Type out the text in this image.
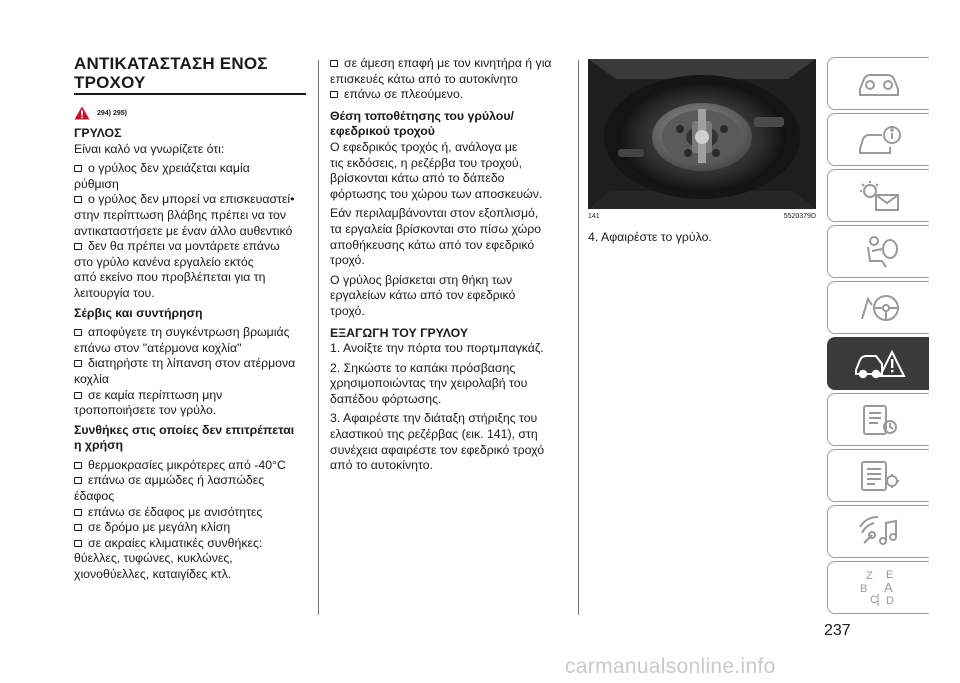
ΑΝΤΙΚΑΤΑΣΤΑΣΗ ΕΝΟΣ
ΤΡΟΧΟΥ
294) 295)

ΓΡΥΛΟΣ

Είναι καλό να γνωρίζετε ότι:

ο γρύλος δεν χρειάζεται καμία

ρύθμιση

ο γρύλος δεν μπορεί να επισκευαστεί•

στην περίπτωση βλάβης πρέπει να τον

αντικαταστήσετε με έναν άλλο αυθεντικό

δεν θα πρέπει να μοντάρετε επάνω

στο γρύλο κανένα εργαλείο εκτός

από εκείνο που προβλέπεται για τη

λειτουργία του.

Σέρβις και συντήρηση

αποφύγετε τη συγκέντρωση βρωμιάς

επάνω στον "ατέρμονα κοχλία"

διατηρήστε τη λίπανση στον ατέρμονα

κοχλία

σε καμία περίπτωση μην

τροποποιήσετε τον γρύλο.

Συνθήκες στις οποίες δεν επιτρέπεται

η χρήση

θερμοκρασίες μικρότερες από -40°C

επάνω σε αμμώδες ή λασπώδες

έδαφος

επάνω σε έδαφος με ανισότητες

σε δρόμο με μεγάλη κλίση

σε ακραίες κλιματικές συνθήκες:

θύελλες, τυφώνες, κυκλώνες,

χιονοθύελλες, καταιγίδες κτλ.

σε άμεση επαφή με τον κινητήρα ή για

επισκευές κάτω από το αυτοκίνητο

επάνω σε πλεούμενο.

Θέση τοποθέτησης του γρύλου/

εφεδρικού τροχού

Ο εφεδρικός τροχός ή, ανάλογα με

τις εκδόσεις, η ρεζέρβα του τροχού,

βρίσκονται κάτω από το δάπεδο

φόρτωσης του χώρου των αποσκευών.

Εάν περιλαμβάνονται στον εξοπλισμό,

τα εργαλεία βρίσκονται στο πίσω χώρο

αποθήκευσης κάτω από τον εφεδρικό

τροχό.

Ο γρύλος βρίσκεται στη θήκη των

εργαλείων κάτω από τον εφεδρικό

τροχό.

ΕΞΑΓΩΓΗ ΤΟΥ ΓΡΥΛΟΥ

1. Ανοίξτε την πόρτα του πορτμπαγκάζ.

2. Σηκώστε το καπάκι πρόσβασης

χρησιμοποιώντας την χειρολαβή του

δαπέδου φόρτωσης.

3. Αφαιρέστε την διάταξη στήριξης του

ελαστικού της ρεζέρβας (εικ. 141), στη

συνέχεια αφαιρέστε τον εφεδρικό τροχό

από το αυτοκίνητο.

141	5520379D

4. Αφαιρέστε το γρύλο.

Z E
B A
C D
237
carmanualsonline.info
